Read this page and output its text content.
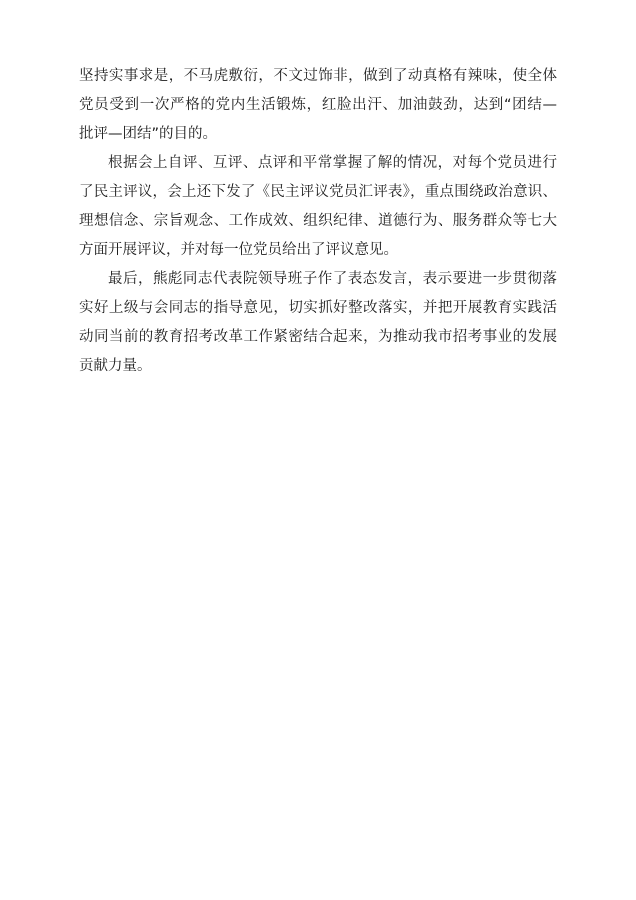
坚持实事求是，不马虎敷衍，不文过饰非，做到了动真格有辣味，使全体
党员受到一次严格的党内生活锻炼，红脸出汗、加油鼓劲，达到“团结—
批评—团结”的目的。
根据会上自评、互评、点评和平常掌握了解的情况，对每个党员进行
了民主评议，会上还下发了《民主评议党员汇评表》，重点围绕政治意识、
理想信念、宗旨观念、工作成效、组织纪律、道德行为、服务群众等七大
方面开展评议，并对每一位党员给出了评议意见。
最后，熊彪同志代表院领导班子作了表态发言，表示要进一步贯彻落
实好上级与会同志的指导意见，切实抓好整改落实，并把开展教育实践活
动同当前的教育招考改革工作紧密结合起来，为推动我市招考事业的发展
贡献力量。
